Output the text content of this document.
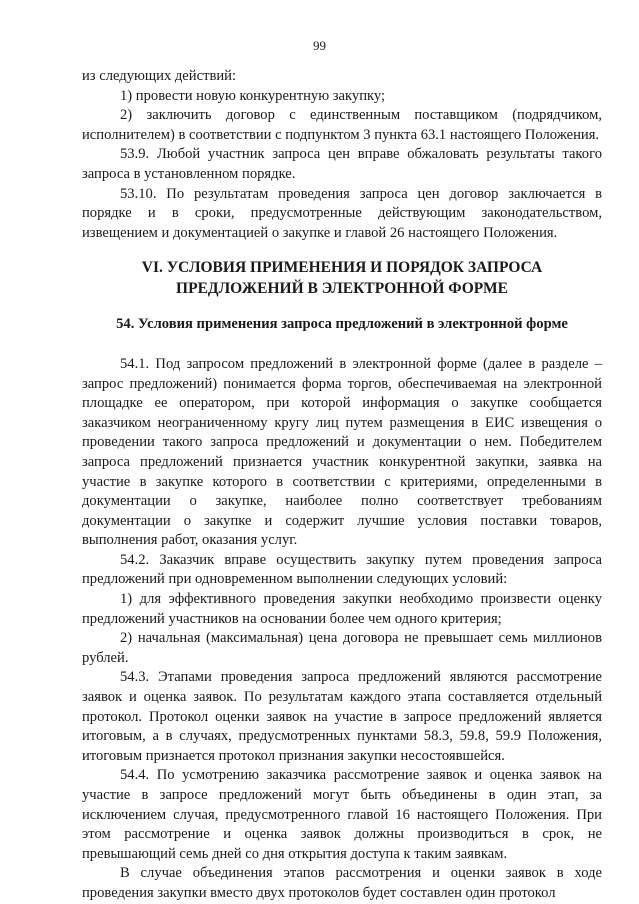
99

из следующих действий:

1) провести новую конкурентную закупку;

2) заключить договор с единственным поставщиком (подрядчиком, исполнителем) в соответствии с подпунктом 3 пункта 63.1 настоящего Положения.

53.9. Любой участник запроса цен вправе обжаловать результаты такого запроса в установленном порядке.

53.10. По результатам проведения запроса цен договор заключается в порядке и в сроки, предусмотренные действующим законодательством, извещением и документацией о закупке и главой 26 настоящего Положения.

VI. УСЛОВИЯ ПРИМЕНЕНИЯ И ПОРЯДОК ЗАПРОСА
ПРЕДЛОЖЕНИЙ В ЭЛЕКТРОННОЙ ФОРМЕ
54. Условия применения запроса предложений в электронной форме

54.1. Под запросом предложений в электронной форме (далее в разделе – запрос предложений) понимается форма торгов, обеспечиваемая на электронной площадке ее оператором, при которой информация о закупке сообщается заказчиком неограниченному кругу лиц путем размещения в ЕИС извещения о проведении такого запроса предложений и документации о нем. Победителем запроса предложений признается участник конкурентной закупки, заявка на участие в закупке которого в соответствии с критериями, определенными в документации о закупке, наиболее полно соответствует требованиям документации о закупке и содержит лучшие условия поставки товаров, выполнения работ, оказания услуг.

54.2. Заказчик вправе осуществить закупку путем проведения запроса предложений при одновременном выполнении следующих условий:

1) для эффективного проведения закупки необходимо произвести оценку предложений участников на основании более чем одного критерия;

2) начальная (максимальная) цена договора не превышает семь миллионов рублей.

54.3. Этапами проведения запроса предложений являются рассмотрение заявок и оценка заявок. По результатам каждого этапа составляется отдельный протокол. Протокол оценки заявок на участие в запросе предложений является итоговым, а в случаях, предусмотренных пунктами 58.3, 59.8, 59.9 Положения, итоговым признается протокол признания закупки несостоявшейся.

54.4. По усмотрению заказчика рассмотрение заявок и оценка заявок на участие в запросе предложений могут быть объединены в один этап, за исключением случая, предусмотренного главой 16 настоящего Положения. При этом рассмотрение и оценка заявок должны производиться в срок, не превышающий семь дней со дня открытия доступа к таким заявкам.

В случае объединения этапов рассмотрения и оценки заявок в ходе проведения закупки вместо двух протоколов будет составлен один протокол
